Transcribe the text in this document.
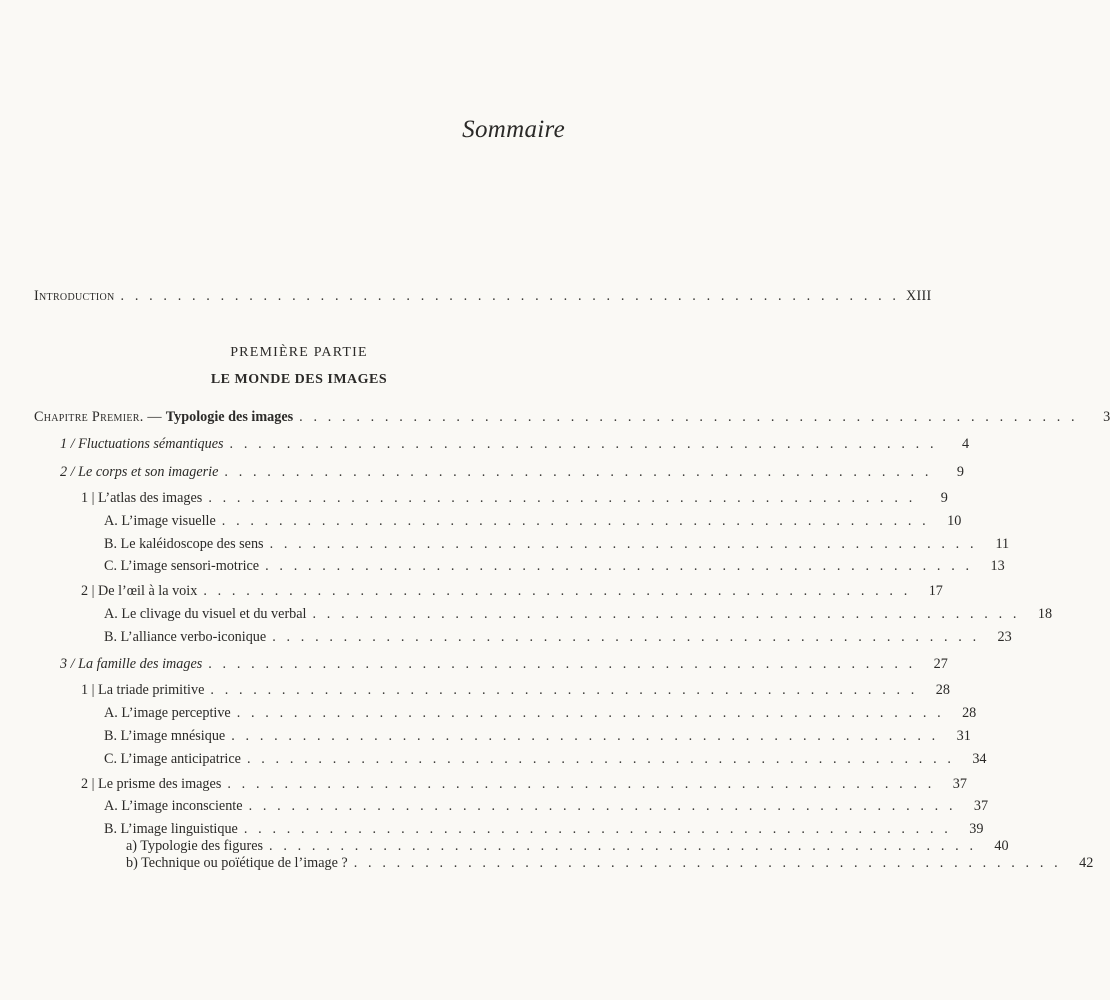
Sommaire
Introduction . . . . . . . . . . . . . . . . . . . . . . . . . . . . . . . . . . . . . . . . . . . . . . . . . . . . . . . XIII
PREMIÈRE PARTIE
LE MONDE DES IMAGES
Chapitre Premier. — Typologie des images . . . . . . . . . . . . . . . . . . . . . . . . . . . . . . . . . . . . . . . . . . . . . . . . . . . . . . .	3
1 / Fluctuations sémantiques . . . . . . . . . . . . . . . . . . . . . . . . . . . . . . . . . . . . . . . . . . . . . . . . . .	4
2 / Le corps et son imagerie . . . . . . . . . . . . . . . . . . . . . . . . . . . . . . . . . . . . . . . . . . . . . . . . . .	9
1 | L’atlas des images . . . . . . . . . . . . . . . . . . . . . . . . . . . . . . . . . . . . . . . . . . . . . . . . . .	9
A. L’image visuelle . . . . . . . . . . . . . . . . . . . . . . . . . . . . . . . . . . . . . . . . . . . . . . . . . .	10
B. Le kaléidoscope des sens . . . . . . . . . . . . . . . . . . . . . . . . . . . . . . . . . . . . . . . . . . . . . . . . . .	11
C. L’image sensori-motrice . . . . . . . . . . . . . . . . . . . . . . . . . . . . . . . . . . . . . . . . . . . . . . . . . .	13
2 | De l’œil à la voix . . . . . . . . . . . . . . . . . . . . . . . . . . . . . . . . . . . . . . . . . . . . . . . . . .	17
A. Le clivage du visuel et du verbal . . . . . . . . . . . . . . . . . . . . . . . . . . . . . . . . . . . . . . . . . . . . . . . . . .	18
B. L’alliance verbo-iconique . . . . . . . . . . . . . . . . . . . . . . . . . . . . . . . . . . . . . . . . . . . . . . . . . .	23
3 / La famille des images . . . . . . . . . . . . . . . . . . . . . . . . . . . . . . . . . . . . . . . . . . . . . . . . . .	27
1 | La triade primitive . . . . . . . . . . . . . . . . . . . . . . . . . . . . . . . . . . . . . . . . . . . . . . . . . .	28
A. L’image perceptive . . . . . . . . . . . . . . . . . . . . . . . . . . . . . . . . . . . . . . . . . . . . . . . . . .	28
B. L’image mnésique . . . . . . . . . . . . . . . . . . . . . . . . . . . . . . . . . . . . . . . . . . . . . . . . . .	31
C. L’image anticipatrice . . . . . . . . . . . . . . . . . . . . . . . . . . . . . . . . . . . . . . . . . . . . . . . . . .	34
2 | Le prisme des images . . . . . . . . . . . . . . . . . . . . . . . . . . . . . . . . . . . . . . . . . . . . . . . . . .	37
A. L’image inconsciente . . . . . . . . . . . . . . . . . . . . . . . . . . . . . . . . . . . . . . . . . . . . . . . . . .	37
B. L’image linguistique . . . . . . . . . . . . . . . . . . . . . . . . . . . . . . . . . . . . . . . . . . . . . . . . . .	39
a) Typologie des figures . . . . . . . . . . . . . . . . . . . . . . . . . . . . . . . . . . . . . . . . . . . . . . . . . .	40
b) Technique ou poïétique de l’image ? . . . . . . . . . . . . . . . . . . . . . . . . . . . . . . . . . . . . . . . . . . . . . . . . . .	42
